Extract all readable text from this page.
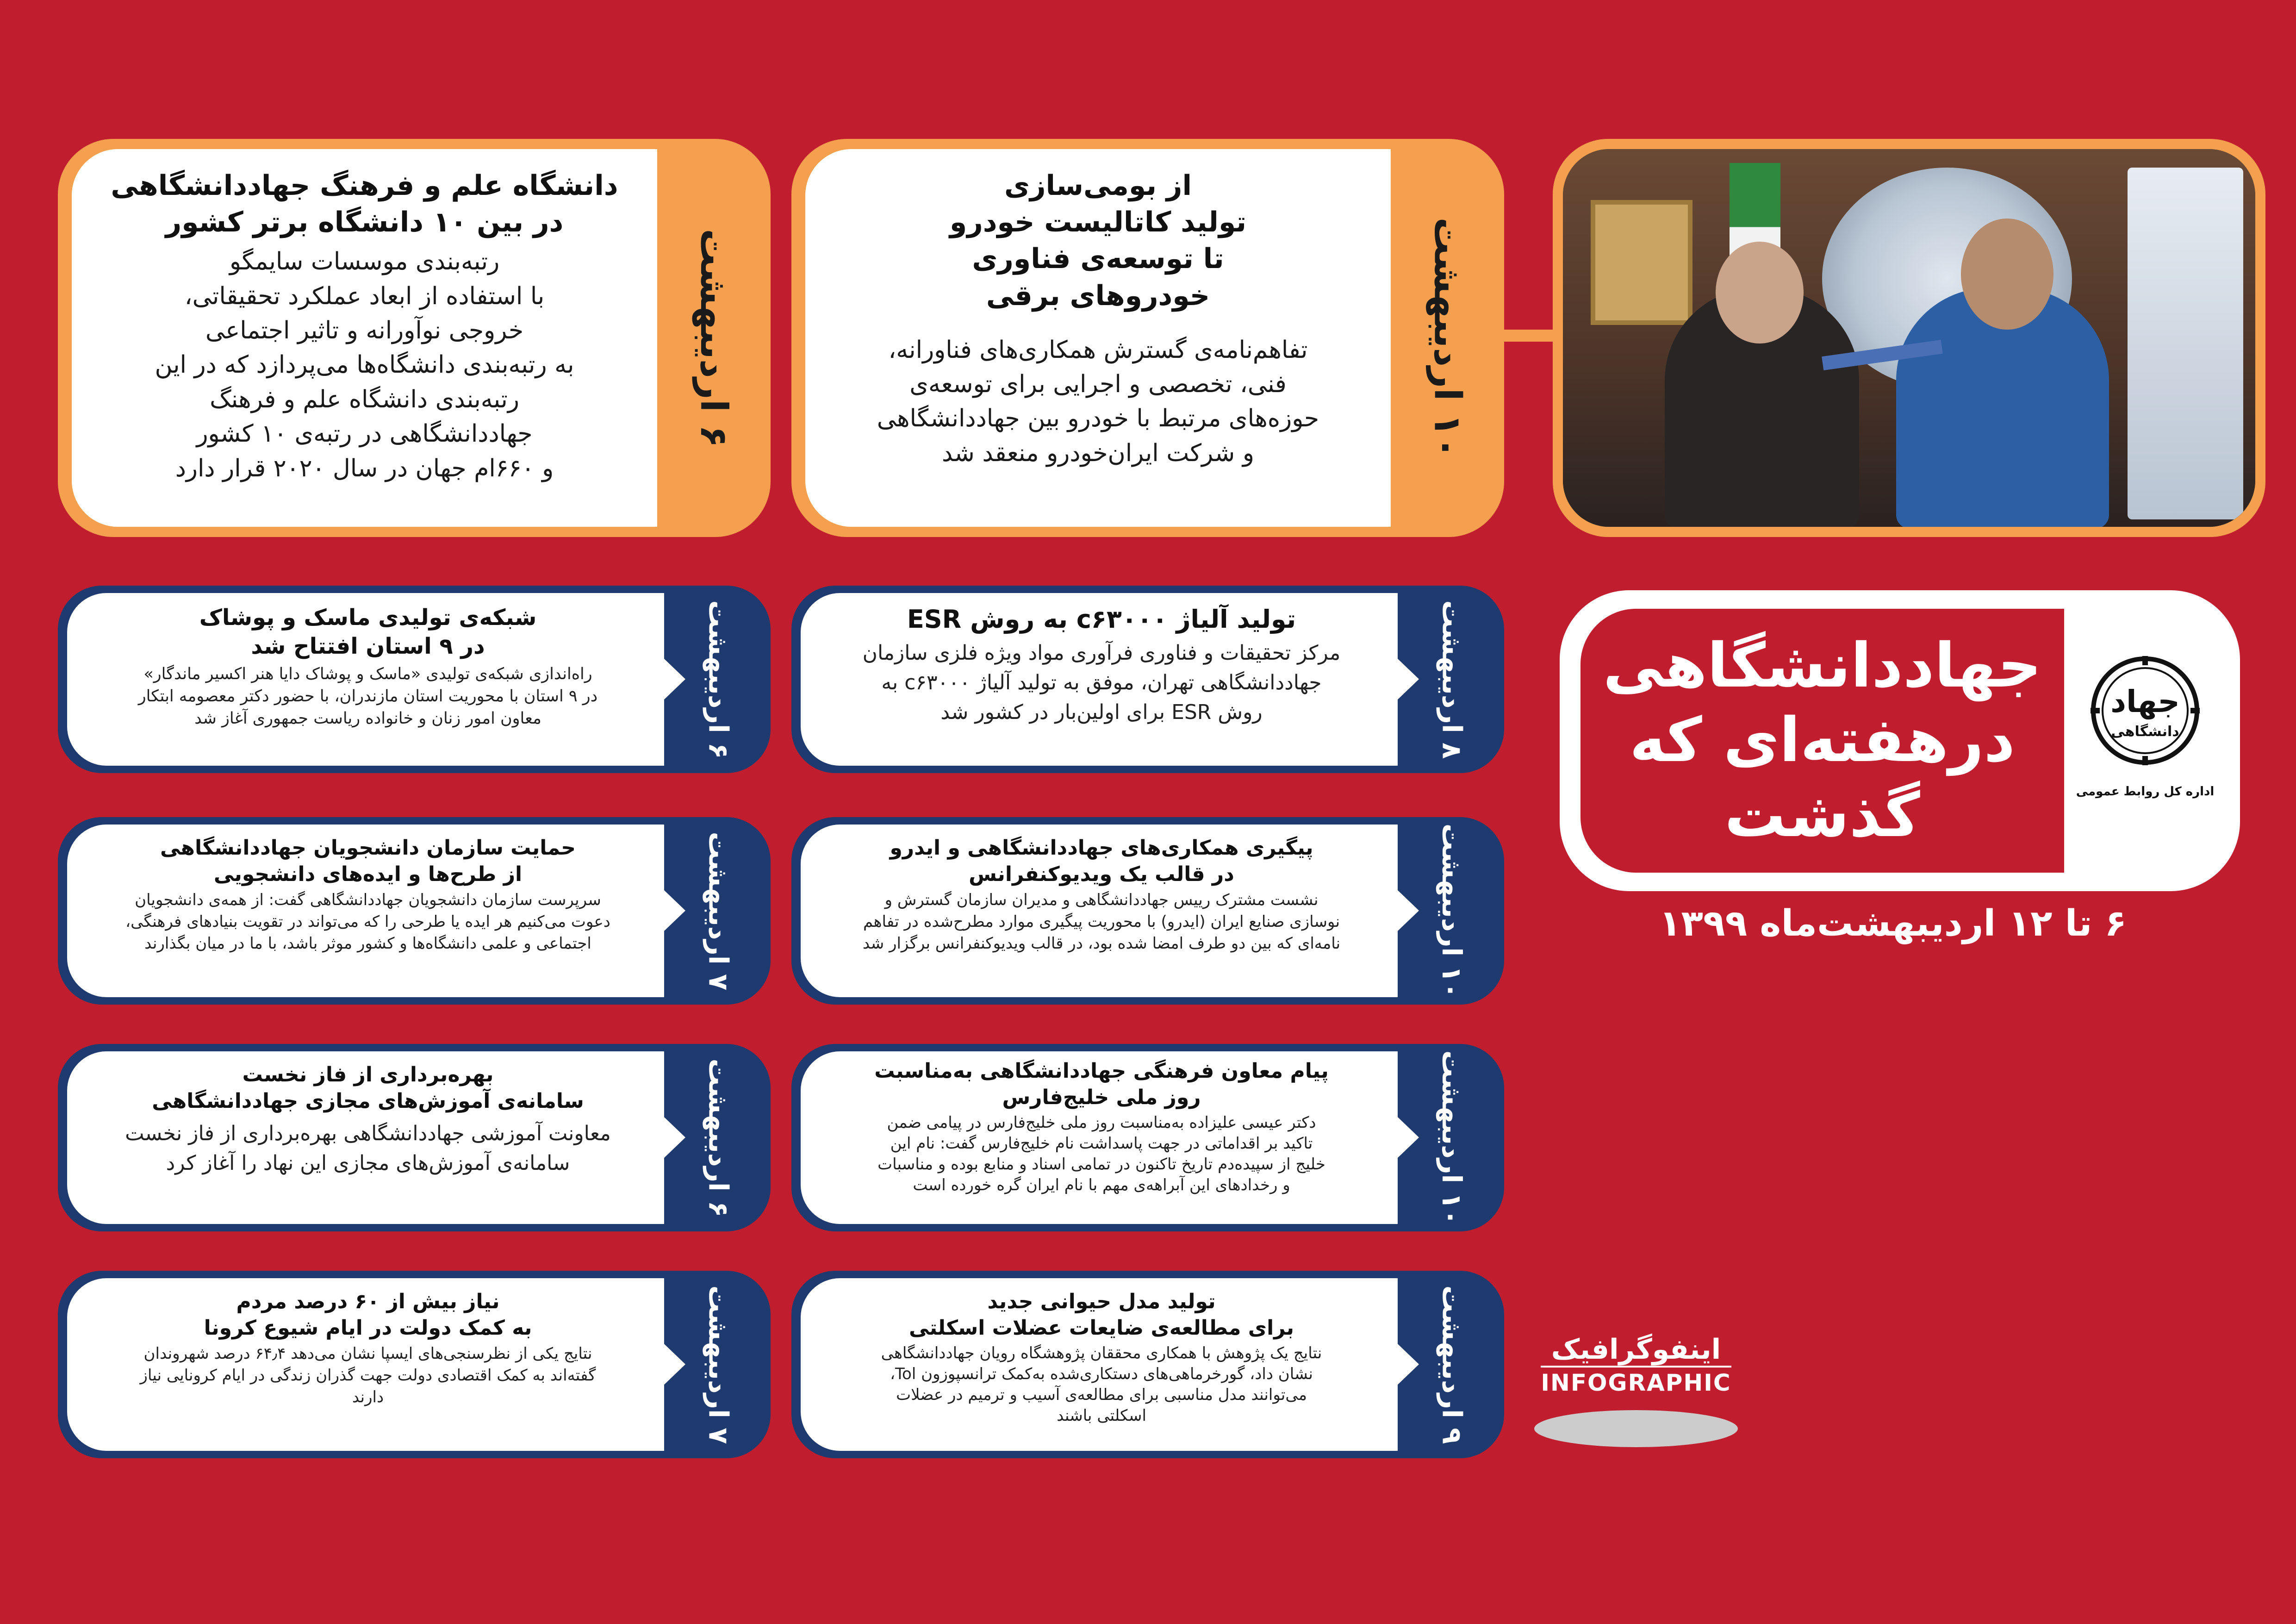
از بومی‌سازی
تولید کاتالیست خودرو
تا توسعه‌ی فناوری
خودروهای برقی
تفاهم‌نامه‌ی گسترش همکاری‌های فناورانه،
فنی، تخصصی و اجرایی برای توسعه‌ی
حوزه‌های مرتبط با خودرو بین جهاددانشگاهی
و شرکت ایران‌خودرو منعقد شد
۱۰ اردیبهشت
دانشگاه علم و فرهنگ جهاددانشگاهی
در بین ۱۰ دانشگاه برتر کشور
رتبه‌بندی موسسات سایمگو
با استفاده از ابعاد عملکرد تحقیقاتی،
خروجی نوآورانه و تاثیر اجتماعی
به رتبه‌بندی دانشگاه‌ها می‌پردازد که در این
رتبه‌بندی دانشگاه علم و فرهنگ
جهاددانشگاهی در رتبه‌ی ۱۰ کشور
و ۶۶۰ام جهان در سال ۲۰۲۰ قرار دارد
۶ اردیبهشت
تولید آلیاژ c۶۳۰۰۰ به روش ESR
مرکز تحقیقات و فناوری فرآوری مواد ویژه فلزی سازمان
جهاددانشگاهی تهران، موفق به تولید آلیاژ c۶۳۰۰۰ به
روش ESR برای اولین‌بار در کشور شد	۸ اردیبهشت
شبکه‌ی تولیدی ماسک و پوشاک
در ۹ استان افتتاح شد
راه‌اندازی شبکه‌ی تولیدی «ماسک و پوشاک دایا هنر اکسیر ماندگار»
در ۹ استان با محوریت استان مازندران، با حضور دکتر معصومه ابتکار
معاون امور زنان و خانواده ریاست جمهوری آغاز شد	۶ اردیبهشت
پیگیری همکاری‌های جهاددانشگاهی و ایدرو
در قالب یک ویدیوکنفرانس
نشست مشترک رییس جهاددانشگاهی و مدیران سازمان گسترش و
نوسازی صنایع ایران (ایدرو) با محوریت پیگیری موارد مطرح‌شده در تفاهم
نامه‌ای که بین دو طرف امضا شده بود، در قالب ویدیوکنفرانس برگزار شد	۱۰ اردیبهشت
حمایت سازمان دانشجویان جهاددانشگاهی
از طرح‌ها و ایده‌های دانشجویی
سرپرست سازمان دانشجویان جهاددانشگاهی گفت: از همه‌ی دانشجویان
دعوت می‌کنیم هر ایده یا طرحی را که می‌تواند در تقویت بنیادهای فرهنگی،
اجتماعی و علمی دانشگاه‌ها و کشور موثر باشد، با ما در میان بگذارند	۷ اردیبهشت
پیام معاون فرهنگی جهاددانشگاهی به‌مناسبت
روز ملی خلیج‌فارس
دکتر عیسی علیزاده به‌مناسبت روز ملی خلیج‌فارس در پیامی ضمن
تاکید بر اقداماتی در جهت پاسداشت نام خلیج‌فارس گفت: نام این
خلیج از سپیده‌دم تاریخ تاکنون در تمامی اسناد و منابع بوده و مناسبات
و رخدادهای این آبراهه‌ی مهم با نام ایران گره خورده است	۱۰ اردیبهشت
بهره‌برداری از فاز نخست
سامانه‌ی آموزش‌های مجازی جهاددانشگاهی
معاونت آموزشی جهاددانشگاهی بهره‌برداری از فاز نخست
سامانه‌ی آموزش‌های مجازی این نهاد را آغاز کرد	۶ اردیبهشت
تولید مدل حیوانی جدید
برای مطالعه‌ی ضایعات عضلات اسکلتی
نتایج یک پژوهش با همکاری محققان پژوهشگاه رویان جهاددانشگاهی
نشان داد، گورخرماهی‌های دستکاری‌شده به‌کمک ترانسپوزون Tol،
می‌توانند مدل مناسبی برای مطالعه‌ی آسیب و ترمیم در عضلات
اسکلتی باشند	۹ اردیبهشت
نیاز بیش از ۶۰ درصد مردم
به کمک دولت در ایام شیوع کرونا
نتایج یکی از نظرسنجی‌های ایسپا نشان می‌دهد ۶۴٫۴ درصد شهروندان
گفته‌اند به کمک اقتصادی دولت جهت گذران زندگی در ایام کرونایی نیاز
دارند	۷ اردیبهشت
جهاددانشگاهی
درهفته‌ای که
گذشت
جهاد
دانشگاهی
اداره کل روابط عمومی
۶ تا ۱۲ اردیبهشت‌ماه ۱۳۹۹
اینفوگرافیک
INFOGRAPHIC
